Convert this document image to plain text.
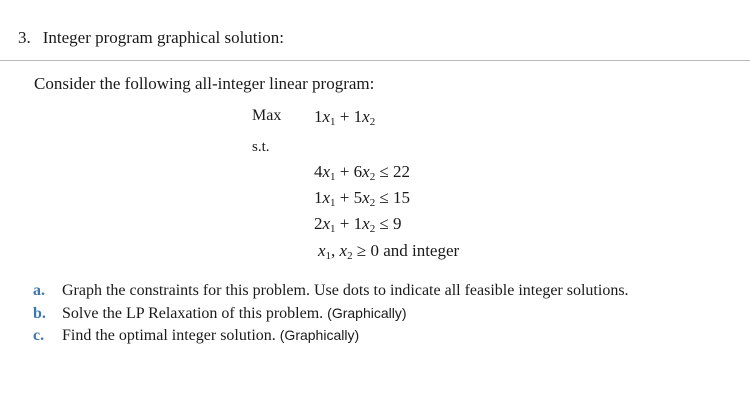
3. Integer program graphical solution:
Consider the following all-integer linear program:
Max
s.t.
$1x_1 + 1x_2$
$4x_1 + 6x_2 \le 22$
$1x_1 + 5x_2 \le 15$
$2x_1 + 1x_2 \le 9$
$x_1$, $x_2 \ge 0$ and integer
a. Graph the constraints for this problem. Use dots to indicate all feasible integer solutions.
b. Solve the LP Relaxation of this problem. (Graphically)
c. Find the optimal integer solution. (Graphically)
